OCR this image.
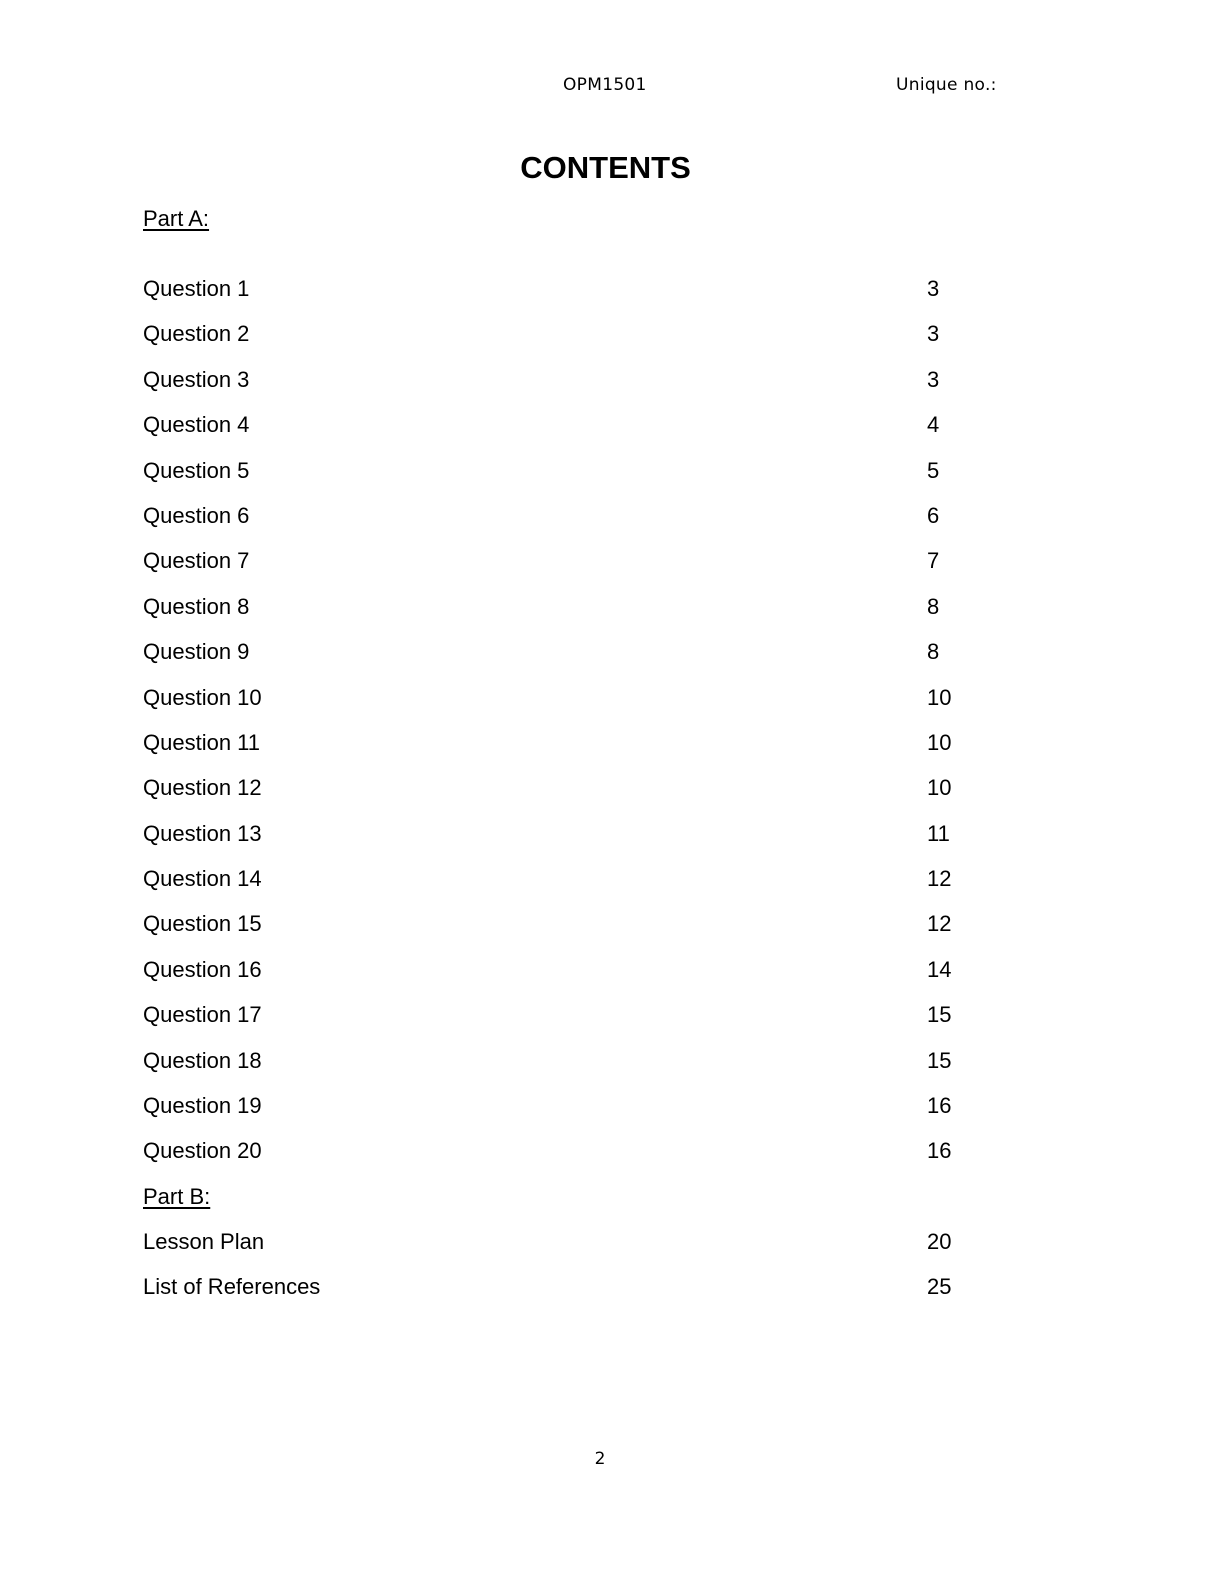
OPM1501	Unique no.:
CONTENTS
Part A:
Question 1	3
Question 2	3
Question 3	3
Question 4	4
Question 5	5
Question 6	6
Question 7	7
Question 8	8
Question 9	8
Question 10	10
Question 11	10
Question 12	10
Question 13	11
Question 14	12
Question 15	12
Question 16	14
Question 17	15
Question 18	15
Question 19	16
Question 20	16
Part B:
Lesson Plan	20
List of References	25
2
